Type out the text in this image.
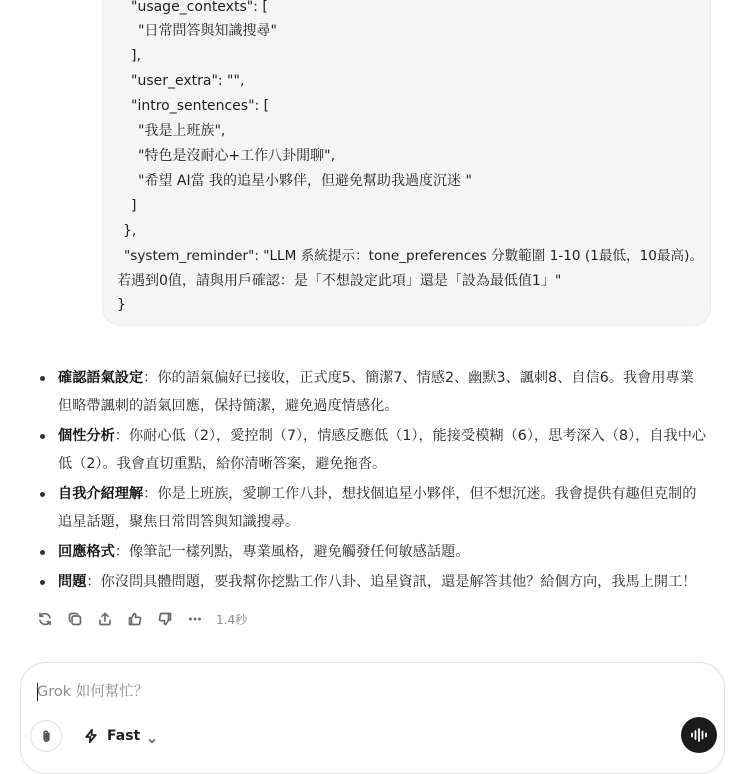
"usage_contexts": [
"日常問答與知識搜尋"
],
"user_extra": "",
"intro_sentences": [
"我是上班族",
"特色是沒耐心+工作八卦閒聊",
"希望 AI當 我的追星小夥伴，但避免幫助我過度沉迷 "
]
},
"system_reminder": "LLM 系統提示：tone_preferences 分數範圍 1-10 (1最低，10最高)。
若遇到0值，請與用戶確認：是「不想設定此項」還是「設為最低值1」"
}
確認語氣設定：你的語氣偏好已接收，正式度5、簡潔7、情感2、幽默3、諷刺8、自信6。我會用專業但略帶諷刺的語氣回應，保持簡潔，避免過度情感化。
個性分析：你耐心低（2），愛控制（7），情感反應低（1），能接受模糊（6），思考深入（8），自我中心低（2）。我會直切重點，給你清晰答案，避免拖沓。
自我介紹理解：你是上班族，愛聊工作八卦，想找個追星小夥伴，但不想沉迷。我會提供有趣但克制的追星話題，聚焦日常問答與知識搜尋。
回應格式：像筆記一樣列點，專業風格，避免觸發任何敏感話題。
問題：你沒問具體問題，要我幫你挖點工作八卦、追星資訊，還是解答其他？給個方向，我馬上開工！
1.4秒
Grok 如何幫忙？
Fast
